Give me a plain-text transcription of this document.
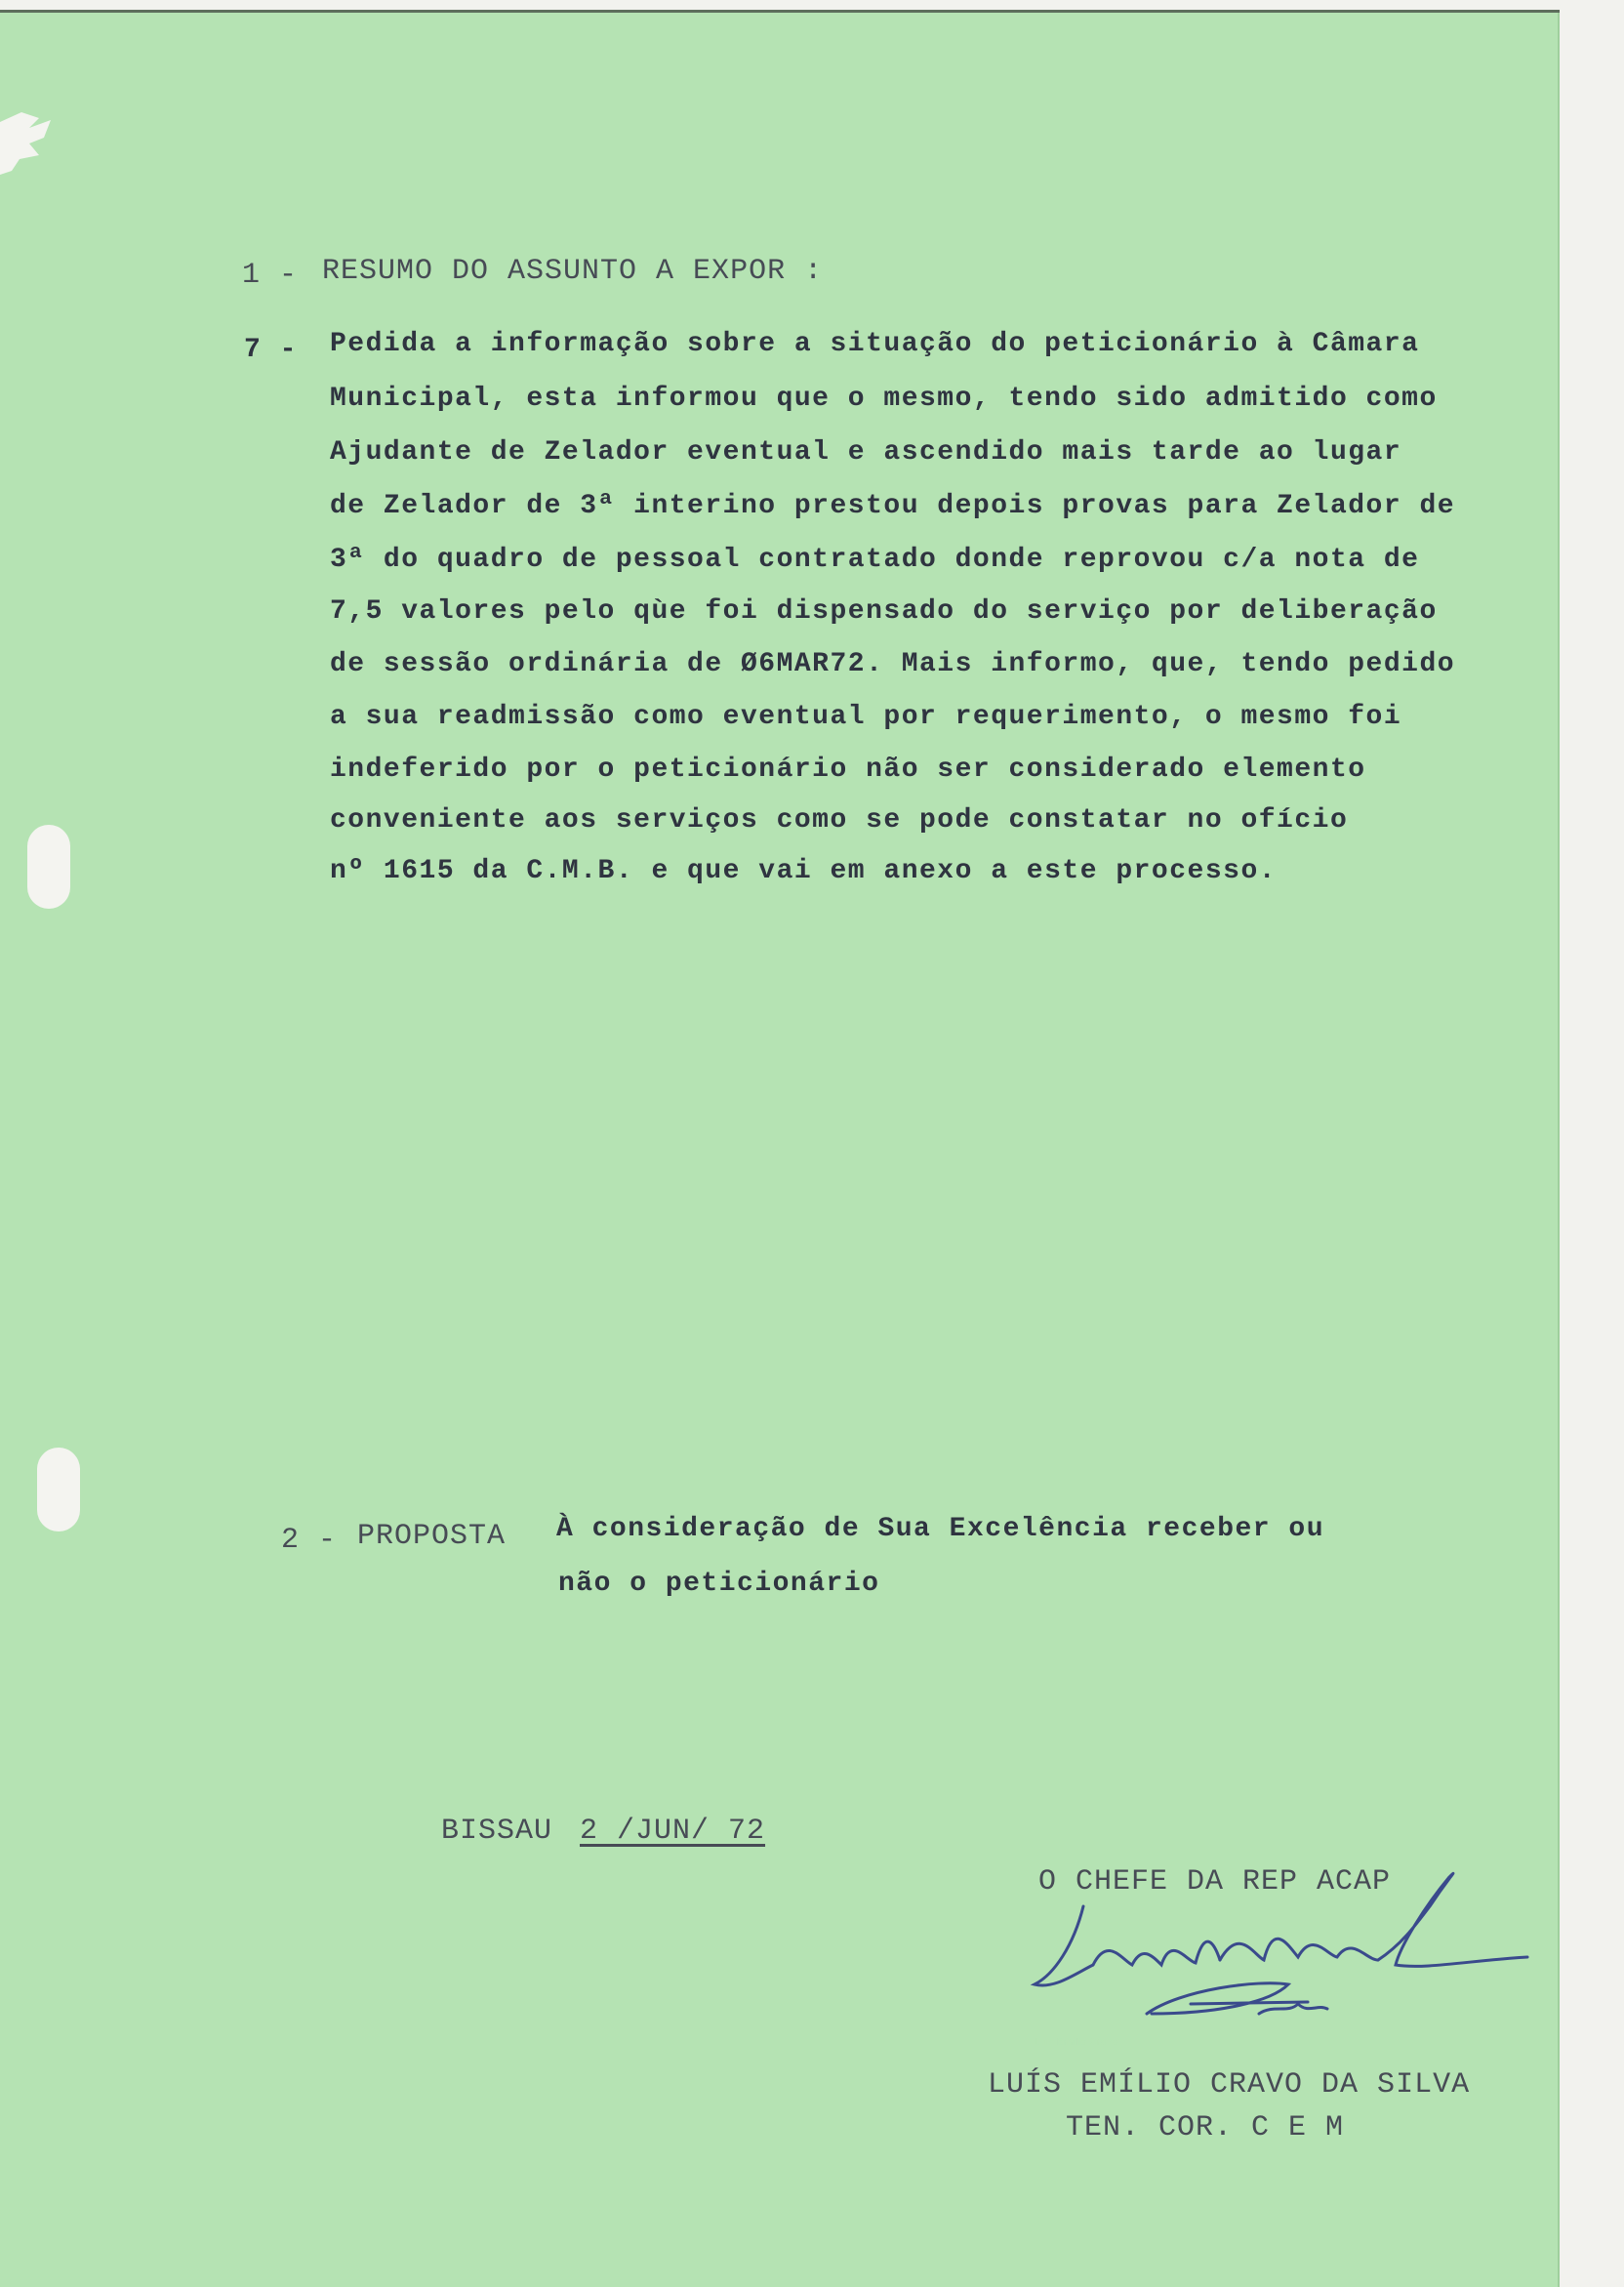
1 - RESUMO DO ASSUNTO A EXPOR :
7 - Pedida a informação sobre a situação do peticionário à Câmara
Municipal, esta informou que o mesmo, tendo sido admitido como
Ajudante de Zelador eventual e ascendido mais tarde ao lugar
de Zelador de 3ª interino prestou depois provas para Zelador de
3ª do quadro de pessoal contratado donde reprovou c/a nota de
7,5 valores pelo qùe foi dispensado do serviço por deliberação
de sessão ordinária de Ø6MAR72. Mais informo, que, tendo pedido
a sua readmissão como eventual por requerimento, o mesmo foi
indeferido por o peticionário não ser considerado elemento
conveniente aos serviços como se pode constatar no ofício
nº 1615 da C.M.B. e que vai em anexo a este processo.
2 - PROPOSTA À consideração de Sua Excelência receber ou
não o peticionário
BISSAU 2 /JUN/ 72
O CHEFE DA REP ACAP
Luís Emílio Cravo
LUÍS EMÍLIO CRAVO DA SILVA
TEN. COR. C E M
